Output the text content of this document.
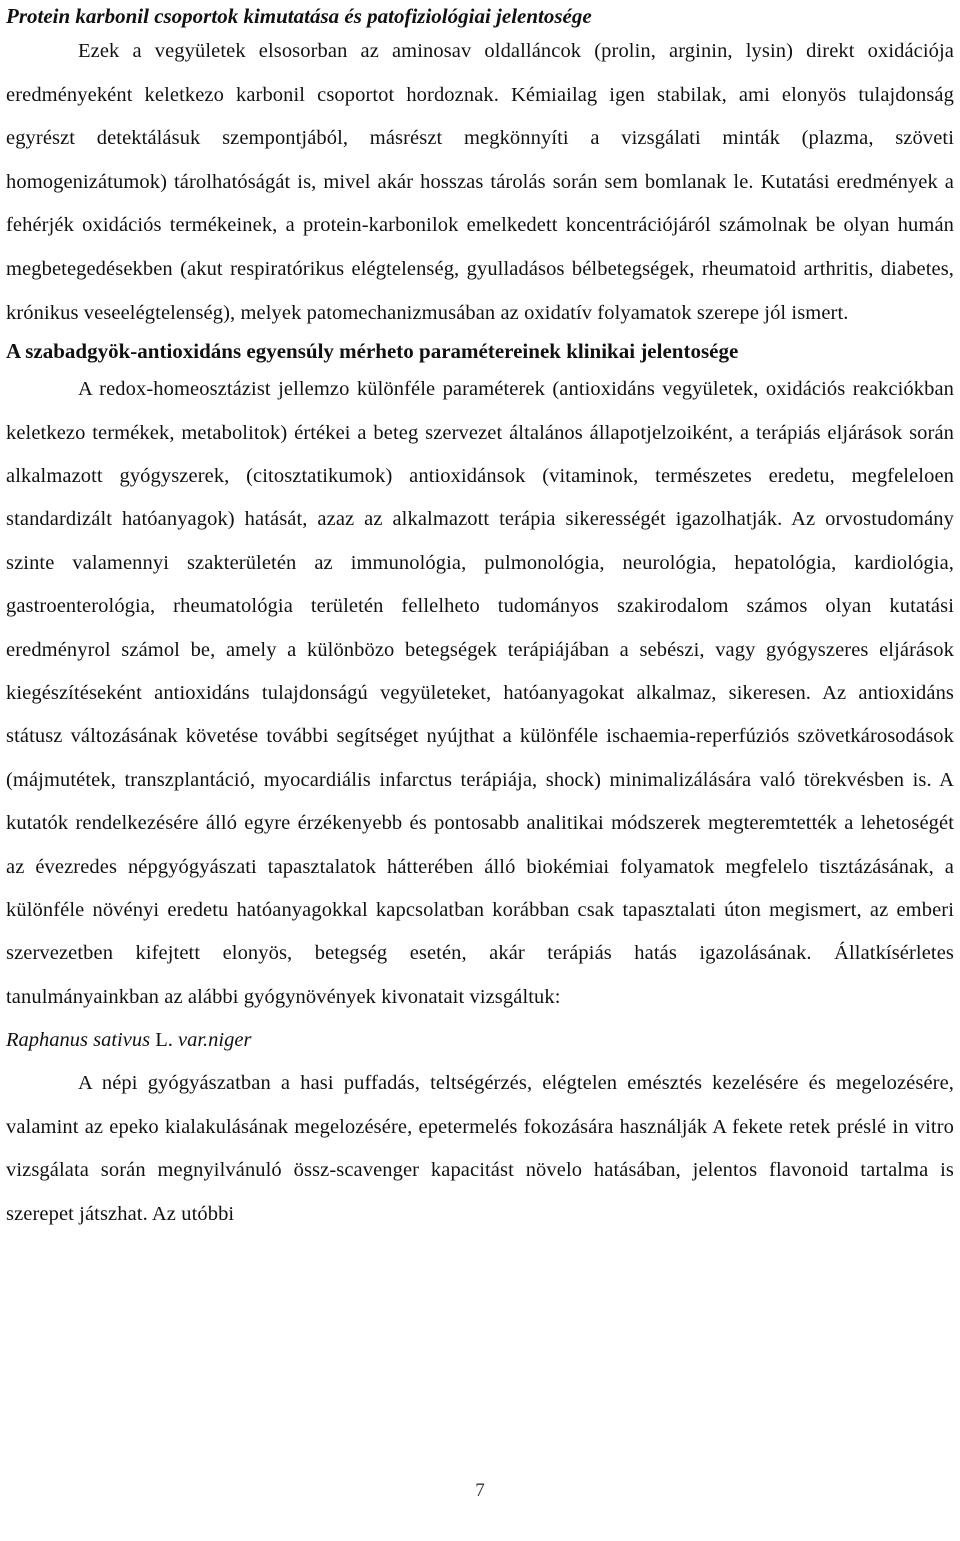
Protein karbonil csoportok kimutatása és patofiziológiai jelentosége

Ezek a vegyületek elsosorban az aminosav oldalláncok (prolin, arginin, lysin) direkt oxidációja eredményeként keletkezo karbonil csoportot hordoznak. Kémiailag igen stabilak, ami elonyös tulajdonság egyrészt detektálásuk szempontjából, másrészt megkönnyíti a vizsgálati minták (plazma, szöveti homogenizátumok) tárolhatóságát is, mivel akár hosszas tárolás során sem bomlanak le. Kutatási eredmények a fehérjék oxidációs termékeinek, a protein-karbonilok emelkedett koncentrációjáról számolnak be olyan humán megbetegedésekben (akut respiratórikus elégtelenség, gyulladásos bélbetegségek, rheumatoid arthritis, diabetes, krónikus veseelégtelenség), melyek patomechanizmusában az oxidatív folyamatok szerepe jól ismert.

A szabadgyök-antioxidáns egyensúly mérheto paramétereinek klinikai jelentosége

A redox-homeosztázist jellemzo különféle paraméterek (antioxidáns vegyületek, oxidációs reakciókban keletkezo termékek, metabolitok) értékei a beteg szervezet általános állapotjelzoiként, a terápiás eljárások során alkalmazott gyógyszerek, (citosztatikumok) antioxidánsok (vitaminok, természetes eredetu, megfeleloen standardizált hatóanyagok) hatását, azaz az alkalmazott terápia sikerességét igazolhatják. Az orvostudomány szinte valamennyi szakterületén az immunológia, pulmonológia, neurológia, hepatológia, kardiológia, gastroenterológia, rheumatológia területén fellelheto tudományos szakirodalom számos olyan kutatási eredményrol számol be, amely a különbözo betegségek terápiájában a sebészi, vagy gyógyszeres eljárások kiegészítéseként antioxidáns tulajdonságú vegyületeket, hatóanyagokat alkalmaz, sikeresen. Az antioxidáns státusz változásának követése további segítséget nyújthat a különféle ischaemia-reperfúziós szövetkárosodások (májmutétek, transzplantáció, myocardiális infarctus terápiája, shock) minimalizálására való törekvésben is. A kutatók rendelkezésére álló egyre érzékenyebb és pontosabb analitikai módszerek megteremtették a lehetoségét az évezredes népgyógyászati tapasztalatok hátterében álló biokémiai folyamatok megfelelo tisztázásának, a különféle növényi eredetu hatóanyagokkal kapcsolatban korábban csak tapasztalati úton megismert, az emberi szervezetben kifejtett elonyös, betegség esetén, akár terápiás hatás igazolásának. Állatkísérletes tanulmányainkban az alábbi gyógynövények kivonatait vizsgáltuk:

Raphanus sativus L. var.niger

A népi gyógyászatban a hasi puffadás, teltségérzés, elégtelen emésztés kezelésére és megelozésére, valamint az epeko kialakulásának megelozésére, epetermelés fokozására használják A fekete retek préslé in vitro vizsgálata során megnyilvánuló össz-scavenger kapacitást növelo hatásában, jelentos flavonoid tartalma is szerepet játszhat. Az utóbbi

7
